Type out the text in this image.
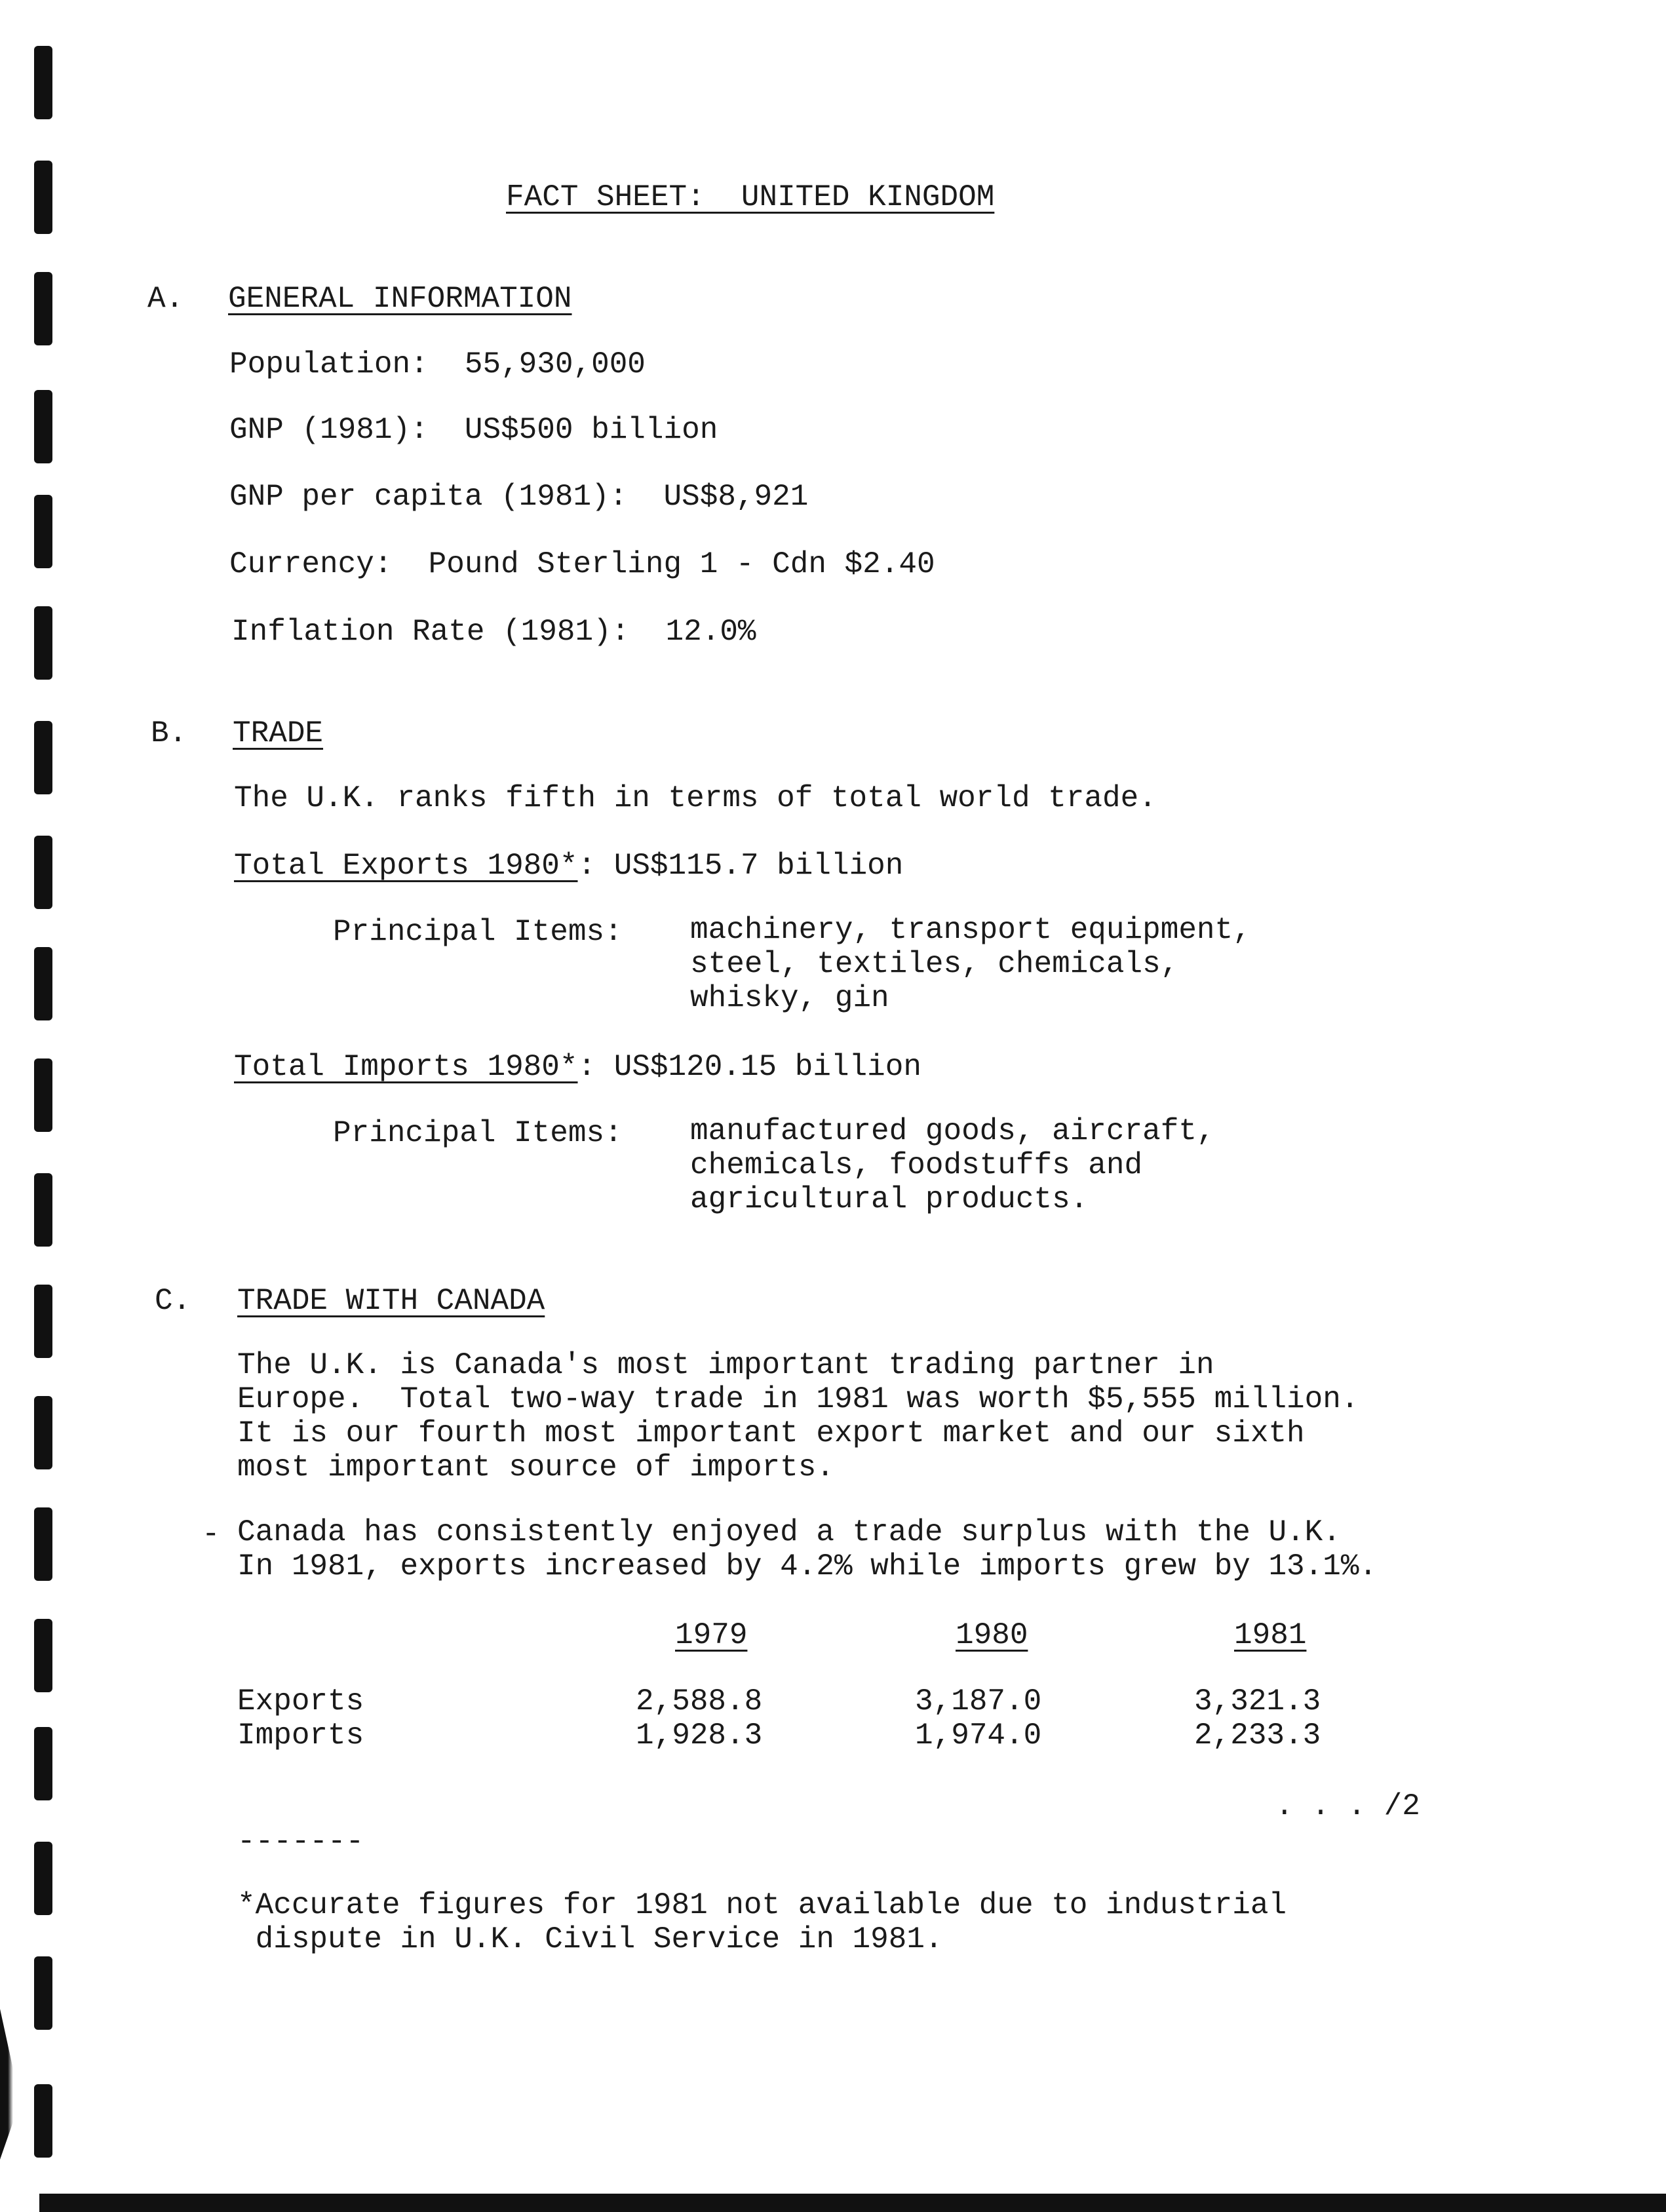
FACT SHEET:  UNITED KINGDOM
A. GENERAL INFORMATION
Population:  55,930,000
GNP (1981):  US$500 billion
GNP per capita (1981):  US$8,921
Currency:  Pound Sterling 1 - Cdn $2.40
Inflation Rate (1981):  12.0%
B. TRADE
The U.K. ranks fifth in terms of total world trade.
Total Exports 1980*: US$115.7 billion
Principal Items: machinery, transport equipment,
steel, textiles, chemicals,
whisky, gin
Total Imports 1980*: US$120.15 billion
Principal Items: manufactured goods, aircraft,
chemicals, foodstuffs and
agricultural products.
C. TRADE WITH CANADA
The U.K. is Canada's most important trading partner in
Europe.  Total two-way trade in 1981 was worth $5,555 million.
It is our fourth most important export market and our sixth
most important source of imports.
- Canada has consistently enjoyed a trade surplus with the U.K.
In 1981, exports increased by 4.2% while imports grew by 13.1%.
1979	1980	1981
Exports	2,588.8	3,187.0	3,321.3
Imports	1,928.3	1,974.0	2,233.3
. . . /2
-------
*Accurate figures for 1981 not available due to industrial
dispute in U.K. Civil Service in 1981.
